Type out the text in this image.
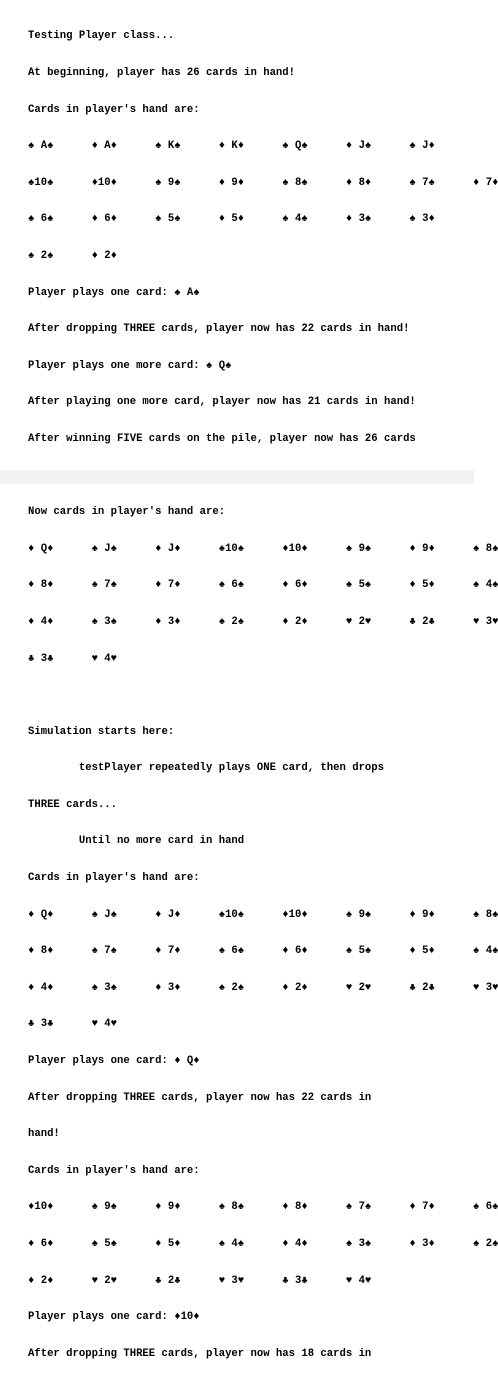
Testing Player class...

At beginning, player has 26 cards in hand!

Cards in player's hand are:

♠ A♠      ♦ A♦      ♠ K♠      ♦ K♦      ♠ Q♠      ♦ J♠      ♠ J♦

♠10♠      ♦10♦      ♠ 9♠      ♦ 9♦      ♠ 8♠      ♦ 8♦      ♠ 7♠      ♦ 7♦

♠ 6♠      ♦ 6♦      ♠ 5♠      ♦ 5♦      ♠ 4♠      ♦ 3♠      ♠ 3♦

♠ 2♠      ♦ 2♦

Player plays one card: ♠ A♠

After dropping THREE cards, player now has 22 cards in hand!

Player plays one more card: ♠ Q♠

After playing one more card, player now has 21 cards in hand!

After winning FIVE cards on the pile, player now has 26 cards

Now cards in player's hand are:

♦ Q♦      ♠ J♠      ♦ J♦      ♠10♠      ♦10♦      ♠ 9♠      ♦ 9♦      ♠ 8♠

♦ 8♦      ♠ 7♠      ♦ 7♦      ♠ 6♠      ♦ 6♦      ♠ 5♠      ♦ 5♦      ♠ 4♠

♦ 4♦      ♠ 3♠      ♦ 3♦      ♠ 2♠      ♦ 2♦      ♥ 2♥      ♣ 2♣      ♥ 3♥

♣ 3♣      ♥ 4♥

Simulation starts here:

testPlayer repeatedly plays ONE card, then drops

THREE cards...

Until no more card in hand

Cards in player's hand are:

♦ Q♦      ♠ J♠      ♦ J♦      ♠10♠      ♦10♦      ♠ 9♠      ♦ 9♦      ♠ 8♠

♦ 8♦      ♠ 7♠      ♦ 7♦      ♠ 6♠      ♦ 6♦      ♠ 5♠      ♦ 5♦      ♠ 4♠

♦ 4♦      ♠ 3♠      ♦ 3♦      ♠ 2♠      ♦ 2♦      ♥ 2♥      ♣ 2♣      ♥ 3♥

♣ 3♣      ♥ 4♥

Player plays one card: ♦ Q♦

After dropping THREE cards, player now has 22 cards in

hand!

Cards in player's hand are:

♦10♦      ♠ 9♠      ♦ 9♦      ♠ 8♠      ♦ 8♦      ♠ 7♠      ♦ 7♦      ♠ 6♠

♦ 6♦      ♠ 5♠      ♦ 5♦      ♠ 4♠      ♦ 4♦      ♠ 3♠      ♦ 3♦      ♠ 2♠

♦ 2♦      ♥ 2♥      ♣ 2♣      ♥ 3♥      ♣ 3♣      ♥ 4♥

Player plays one card: ♦10♦

After dropping THREE cards, player now has 18 cards in
